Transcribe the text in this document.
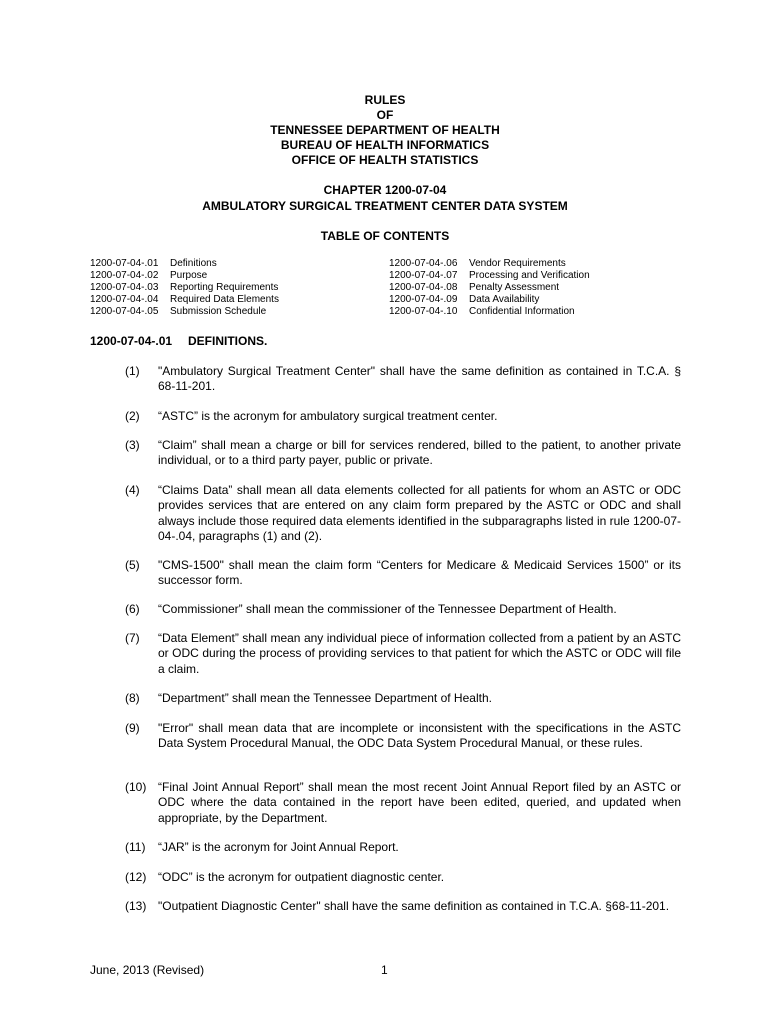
RULES
OF
TENNESSEE DEPARTMENT OF HEALTH
BUREAU OF HEALTH INFORMATICS
OFFICE OF HEALTH STATISTICS
CHAPTER 1200-07-04
AMBULATORY SURGICAL TREATMENT CENTER DATA SYSTEM
TABLE OF CONTENTS
1200-07-04-.01	Definitions
1200-07-04-.02	Purpose
1200-07-04-.03	Reporting Requirements
1200-07-04-.04	Required Data Elements
1200-07-04-.05	Submission Schedule
1200-07-04-.06	Vendor Requirements
1200-07-04-.07	Processing and Verification
1200-07-04-.08	Penalty Assessment
1200-07-04-.09	Data Availability
1200-07-04-.10	Confidential Information
1200-07-04-.01 DEFINITIONS.
(1) "Ambulatory Surgical Treatment Center" shall have the same definition as contained in T.C.A. § 68-11-201.
(2) “ASTC” is the acronym for ambulatory surgical treatment center.
(3) “Claim” shall mean a charge or bill for services rendered, billed to the patient, to another private individual, or to a third party payer, public or private.
(4) “Claims Data” shall mean all data elements collected for all patients for whom an ASTC or ODC provides services that are entered on any claim form prepared by the ASTC or ODC and shall always include those required data elements identified in the subparagraphs listed in rule 1200-07-04-.04, paragraphs (1) and (2).
(5) "CMS-1500" shall mean the claim form “Centers for Medicare & Medicaid Services 1500” or its successor form.
(6) “Commissioner” shall mean the commissioner of the Tennessee Department of Health.
(7) “Data Element” shall mean any individual piece of information collected from a patient by an ASTC or ODC during the process of providing services to that patient for which the ASTC or ODC will file a claim.
(8) “Department” shall mean the Tennessee Department of Health.
(9) "Error" shall mean data that are incomplete or inconsistent with the specifications in the ASTC Data System Procedural Manual, the ODC Data System Procedural Manual, or these rules.
(10) “Final Joint Annual Report” shall mean the most recent Joint Annual Report filed by an ASTC or ODC where the data contained in the report have been edited, queried, and updated when appropriate, by the Department.
(11) “JAR” is the acronym for Joint Annual Report.
(12) “ODC” is the acronym for outpatient diagnostic center.
(13) "Outpatient Diagnostic Center" shall have the same definition as contained in T.C.A. §68-11-201.
June, 2013 (Revised)	1
